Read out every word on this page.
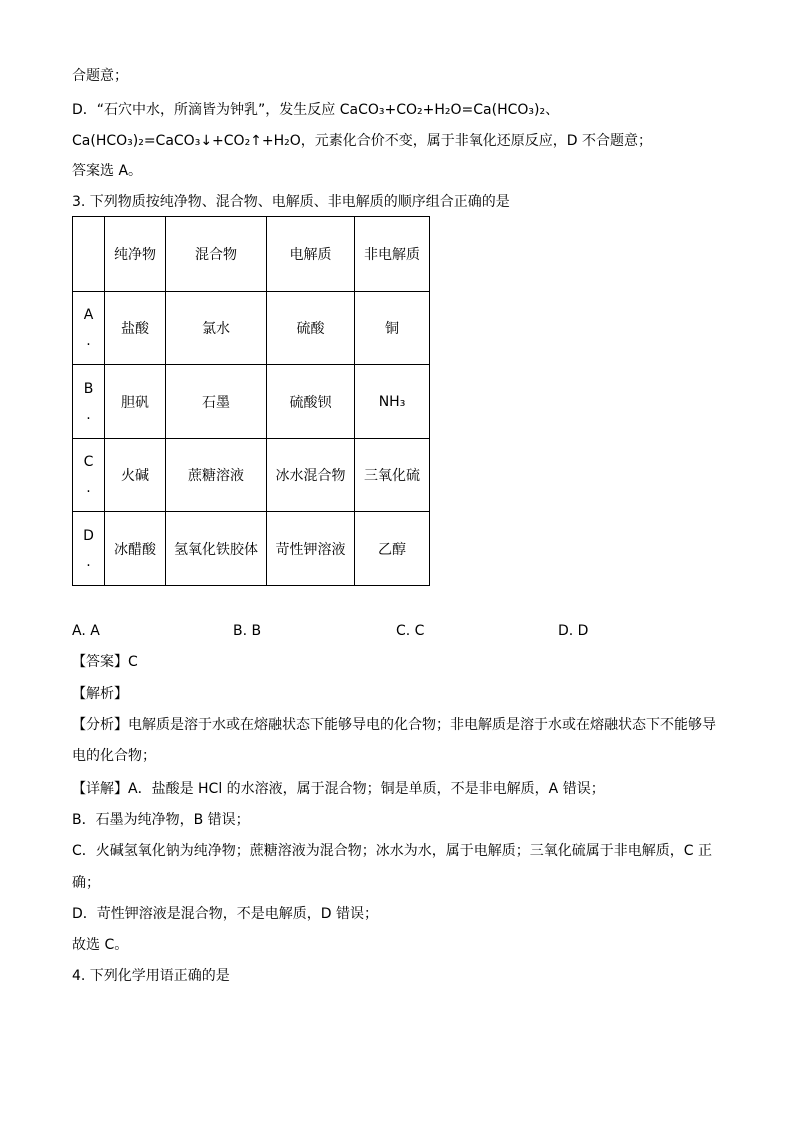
合题意；
D．“石穴中水，所滴皆为钟乳”，发生反应 CaCO₃+CO₂+H₂O=Ca(HCO₃)₂、
Ca(HCO₃)₂=CaCO₃↓+CO₂↑+H₂O，元素化合价不变，属于非氧化还原反应，D 不合题意；
答案选 A。
3. 下列物质按纯净物、混合物、电解质、非电解质的顺序组合正确的是
	纯净物	混合物	电解质	非电解质
A
.	盐酸	氯水	硫酸	铜
B
.	胆矾	石墨	硫酸钡	NH₃
C
.	火碱	蔗糖溶液	冰水混合物	三氧化硫
D
.	冰醋酸	氢氧化铁胶体	苛性钾溶液	乙醇
A. A	B. B	C. C	D. D
【答案】C
【解析】
【分析】电解质是溶于水或在熔融状态下能够导电的化合物；非电解质是溶于水或在熔融状态下不能够导
电的化合物；
【详解】A．盐酸是 HCl 的水溶液，属于混合物；铜是单质，不是非电解质，A 错误；
B．石墨为纯净物，B 错误；
C．火碱氢氧化钠为纯净物；蔗糖溶液为混合物；冰水为水，属于电解质；三氧化硫属于非电解质，C 正
确；
D．苛性钾溶液是混合物，不是电解质，D 错误；
故选 C。
4. 下列化学用语正确的是
